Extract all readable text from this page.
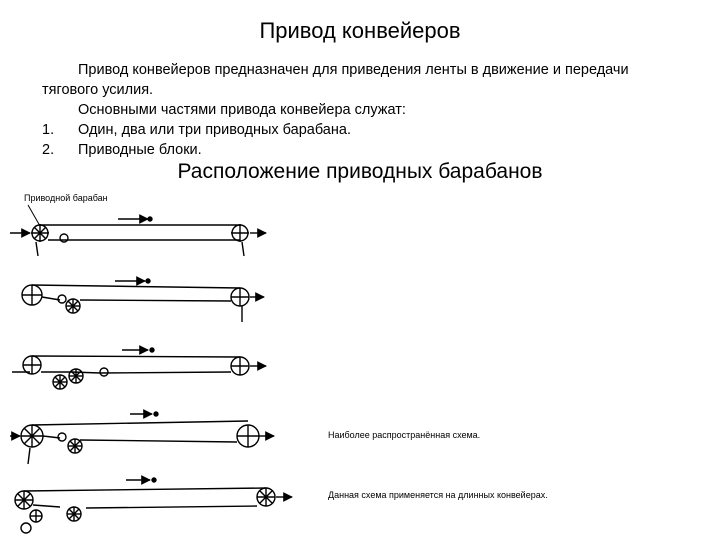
Привод конвейеров
Привод конвейеров предназначен для приведения ленты в движение и передачи
тягового усилия.
Основными частями привода конвейера служат:
1. Один, два или три приводных барабана.
2. Приводные блоки.
Расположение приводных барабанов
Приводной барабан
Наиболее распространённая схема.
Данная схема применяется на длинных конвейерах.
